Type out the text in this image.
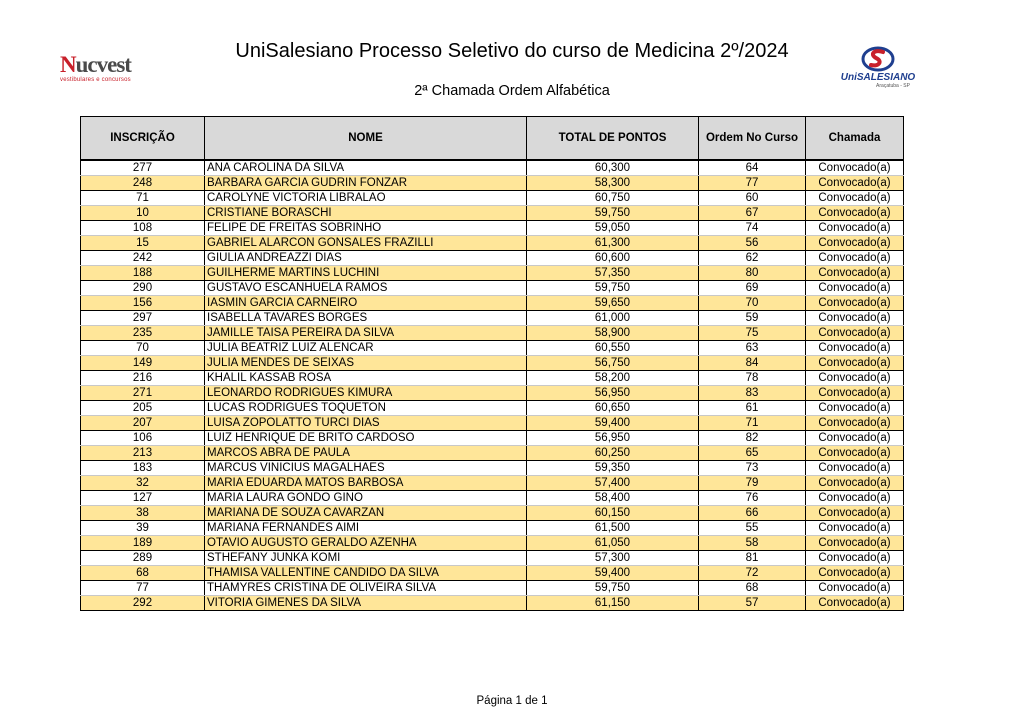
Nucvest
vestibulares e concursos
UniSalesiano Processo Seletivo do curso de Medicina 2º/2024
2ª Chamada Ordem Alfabética
UniSALESIANO
Araçatuba - SP
INSCRIÇÃO	NOME	TOTAL DE PONTOS	Ordem No Curso	Chamada
277	ANA CAROLINA DA SILVA	60,300	64	Convocado(a)
248	BARBARA GARCIA GUDRIN FONZAR	58,300	77	Convocado(a)
71	CAROLYNE VICTORIA LIBRALAO	60,750	60	Convocado(a)
10	CRISTIANE BORASCHI	59,750	67	Convocado(a)
108	FELIPE DE FREITAS SOBRINHO	59,050	74	Convocado(a)
15	GABRIEL ALARCON GONSALES FRAZILLI	61,300	56	Convocado(a)
242	GIULIA ANDREAZZI DIAS	60,600	62	Convocado(a)
188	GUILHERME MARTINS LUCHINI	57,350	80	Convocado(a)
290	GUSTAVO ESCANHUELA RAMOS	59,750	69	Convocado(a)
156	IASMIN GARCIA CARNEIRO	59,650	70	Convocado(a)
297	ISABELLA TAVARES BORGES	61,000	59	Convocado(a)
235	JAMILLE TAISA PEREIRA DA SILVA	58,900	75	Convocado(a)
70	JULIA BEATRIZ LUIZ ALENCAR	60,550	63	Convocado(a)
149	JULIA MENDES DE SEIXAS	56,750	84	Convocado(a)
216	KHALIL KASSAB ROSA	58,200	78	Convocado(a)
271	LEONARDO RODRIGUES KIMURA	56,950	83	Convocado(a)
205	LUCAS RODRIGUES TOQUETON	60,650	61	Convocado(a)
207	LUISA ZOPOLATTO TURCI DIAS	59,400	71	Convocado(a)
106	LUIZ HENRIQUE DE BRITO CARDOSO	56,950	82	Convocado(a)
213	MARCOS ABRA DE PAULA	60,250	65	Convocado(a)
183	MARCUS VINICIUS MAGALHAES	59,350	73	Convocado(a)
32	MARIA EDUARDA MATOS BARBOSA	57,400	79	Convocado(a)
127	MARIA LAURA GONDO GINO	58,400	76	Convocado(a)
38	MARIANA DE SOUZA CAVARZAN	60,150	66	Convocado(a)
39	MARIANA FERNANDES AIMI	61,500	55	Convocado(a)
189	OTAVIO AUGUSTO GERALDO AZENHA	61,050	58	Convocado(a)
289	STHEFANY JUNKA KOMI	57,300	81	Convocado(a)
68	THAMISA VALLENTINE CANDIDO DA SILVA	59,400	72	Convocado(a)
77	THAMYRES CRISTINA DE OLIVEIRA SILVA	59,750	68	Convocado(a)
292	VITORIA GIMENES DA SILVA	61,150	57	Convocado(a)
Página 1 de 1
